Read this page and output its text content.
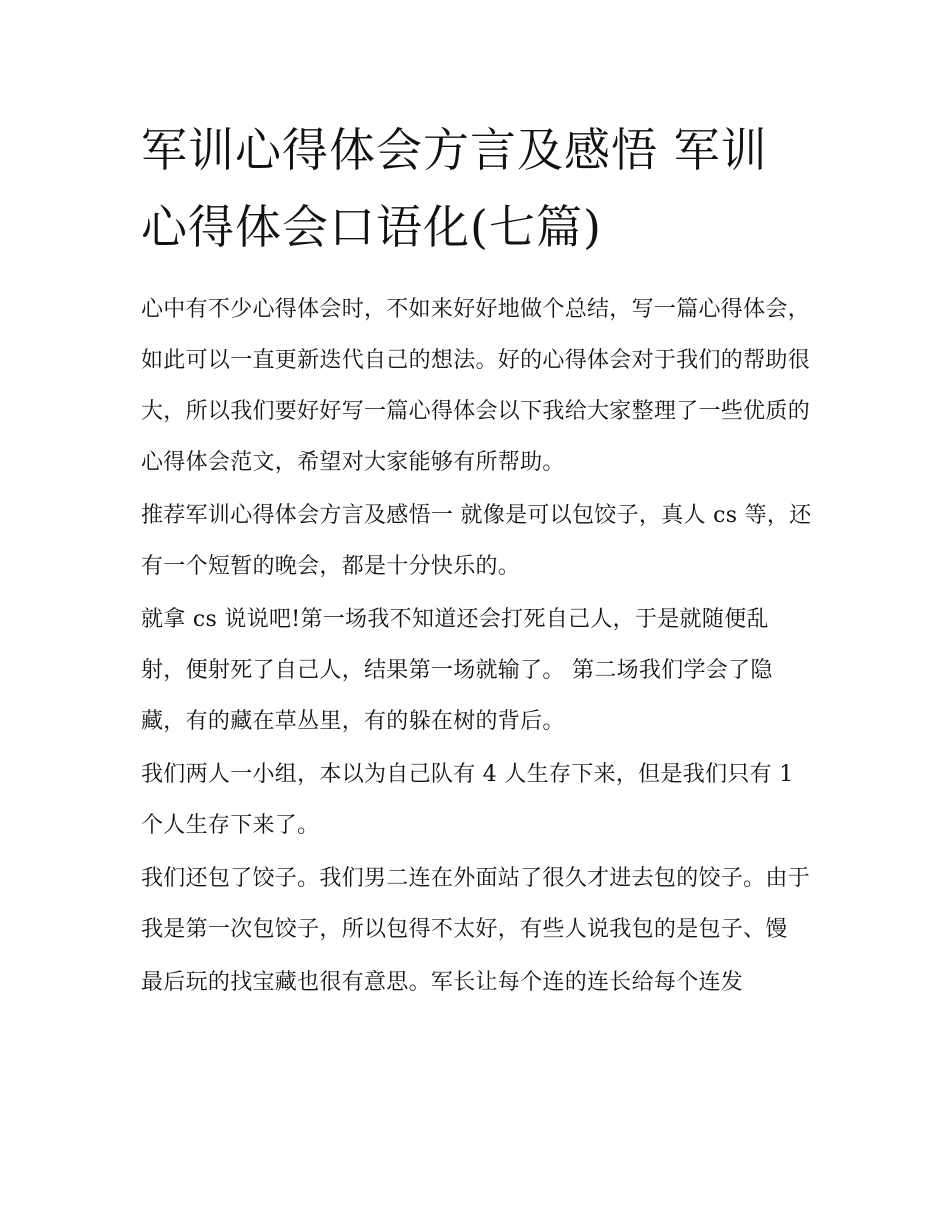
军训心得体会方言及感悟 军训心得体会口语化(七篇)

心中有不少心得体会时，不如来好好地做个总结，写一篇心得体会，如此可以一直更新迭代自己的想法。好的心得体会对于我们的帮助很大，所以我们要好好写一篇心得体会以下我给大家整理了一些优质的心得体会范文，希望对大家能够有所帮助。

推荐军训心得体会方言及感悟一 就像是可以包饺子，真人 cs 等，还有一个短暂的晚会，都是十分快乐的。

就拿 cs 说说吧!第一场我不知道还会打死自己人，于是就随便乱射，便射死了自己人，结果第一场就输了。 第二场我们学会了隐藏，有的藏在草丛里，有的躲在树的背后。

我们两人一小组，本以为自己队有 4 人生存下来，但是我们只有 1 个人生存下来了。

我们还包了饺子。我们男二连在外面站了很久才进去包的饺子。由于我是第一次包饺子，所以包得不太好，有些人说我包的是包子、馒

最后玩的找宝藏也很有意思。军长让每个连的连长给每个连发
